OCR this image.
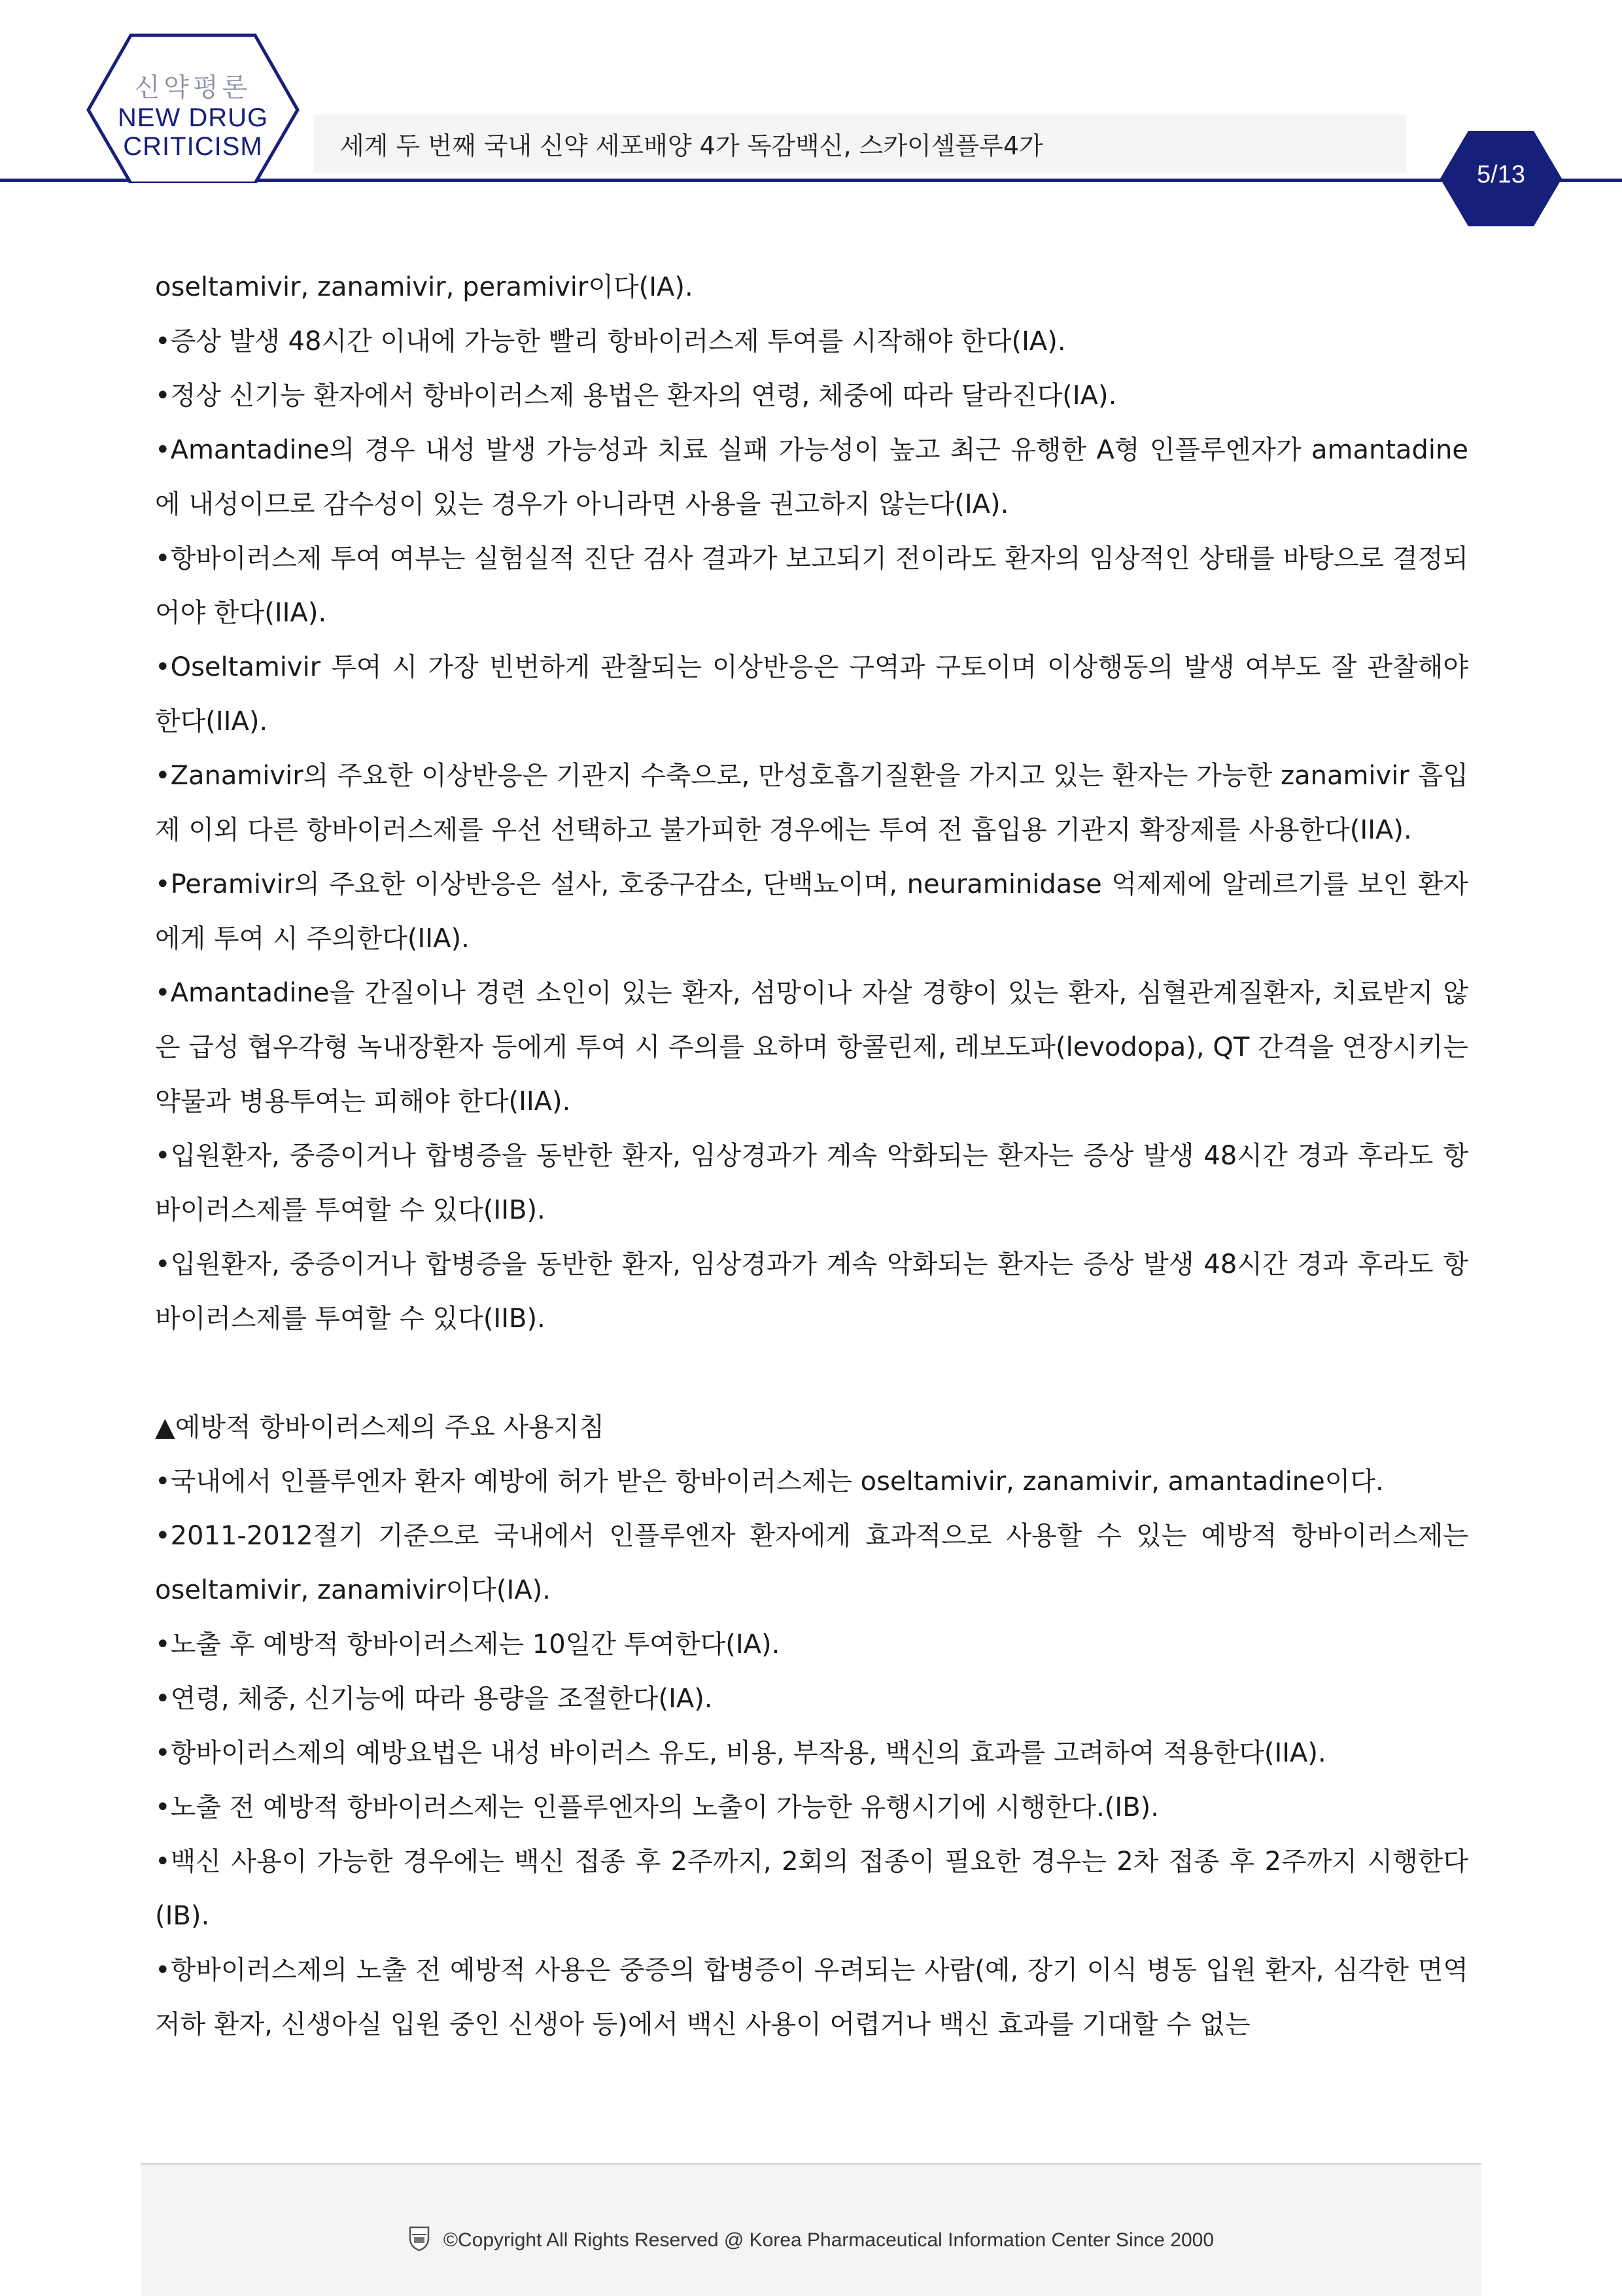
신약평론
NEW DRUG
CRITICISM	세계 두 번째 국내 신약 세포배양 4가 독감백신, 스카이셀플루4가
5/13

oseltamivir, zanamivir, peramivir이다(IA).

•증상 발생 48시간 이내에 가능한 빨리 항바이러스제 투여를 시작해야 한다(IA).

•정상 신기능 환자에서 항바이러스제 용법은 환자의 연령, 체중에 따라 달라진다(IA).

•Amantadine의 경우 내성 발생 가능성과 치료 실패 가능성이 높고 최근 유행한 A형 인플루엔자가 amantadine에 내성이므로 감수성이 있는 경우가 아니라면 사용을 권고하지 않는다(IA).

•항바이러스제 투여 여부는 실험실적 진단 검사 결과가 보고되기 전이라도 환자의 임상적인 상태를 바탕으로 결정되어야 한다(IIA).

•Oseltamivir 투여 시 가장 빈번하게 관찰되는 이상반응은 구역과 구토이며 이상행동의 발생 여부도 잘 관찰해야 한다(IIA).

•Zanamivir의 주요한 이상반응은 기관지 수축으로, 만성호흡기질환을 가지고 있는 환자는 가능한 zanamivir 흡입제 이외 다른 항바이러스제를 우선 선택하고 불가피한 경우에는 투여 전 흡입용 기관지 확장제를 사용한다(IIA).

•Peramivir의 주요한 이상반응은 설사, 호중구감소, 단백뇨이며, neuraminidase 억제제에 알레르기를 보인 환자에게 투여 시 주의한다(IIA).

•Amantadine을 간질이나 경련 소인이 있는 환자, 섬망이나 자살 경향이 있는 환자, 심혈관계질환자, 치료받지 않은 급성 협우각형 녹내장환자 등에게 투여 시 주의를 요하며 항콜린제, 레보도파(levodopa), QT 간격을 연장시키는 약물과 병용투여는 피해야 한다(IIA).

•입원환자, 중증이거나 합병증을 동반한 환자, 임상경과가 계속 악화되는 환자는 증상 발생 48시간 경과 후라도 항바이러스제를 투여할 수 있다(IIB).

•입원환자, 중증이거나 합병증을 동반한 환자, 임상경과가 계속 악화되는 환자는 증상 발생 48시간 경과 후라도 항바이러스제를 투여할 수 있다(IIB).

▲예방적 항바이러스제의 주요 사용지침

•국내에서 인플루엔자 환자 예방에 허가 받은 항바이러스제는 oseltamivir, zanamivir, amantadine이다.

•2011-2012절기 기준으로 국내에서 인플루엔자 환자에게 효과적으로 사용할 수 있는 예방적 항바이러스제는 oseltamivir, zanamivir이다(IA).

•노출 후 예방적 항바이러스제는 10일간 투여한다(IA).

•연령, 체중, 신기능에 따라 용량을 조절한다(IA).

•항바이러스제의 예방요법은 내성 바이러스 유도, 비용, 부작용, 백신의 효과를 고려하여 적용한다(IIA).

•노출 전 예방적 항바이러스제는 인플루엔자의 노출이 가능한 유행시기에 시행한다.(IB).

•백신 사용이 가능한 경우에는 백신 접종 후 2주까지, 2회의 접종이 필요한 경우는 2차 접종 후 2주까지 시행한다(IB).

•항바이러스제의 노출 전 예방적 사용은 중증의 합병증이 우려되는 사람(예, 장기 이식 병동 입원 환자, 심각한 면역 저하 환자, 신생아실 입원 중인 신생아 등)에서 백신 사용이 어렵거나 백신 효과를 기대할 수 없는

©Copyright All Rights Reserved @ Korea Pharmaceutical Information Center Since 2000
